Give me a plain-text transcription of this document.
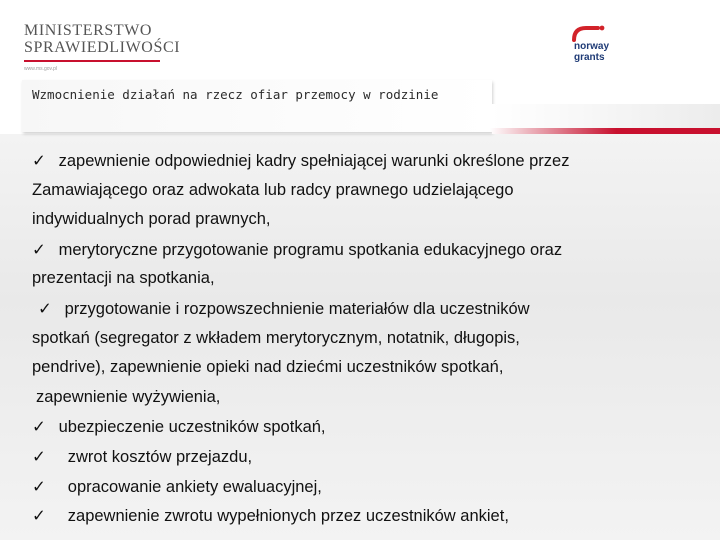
MINISTERSTWO
SPRAWIEDLIWOŚCI
www.ms.gov.pl
norway
grants
Wzmocnienie działań na rzecz ofiar przemocy w rodzinie
✓ zapewnienie odpowiedniej kadry spełniającej warunki określone przez
Zamawiającego oraz adwokata lub radcy prawnego udzielającego
indywidualnych porad prawnych,
✓ merytoryczne przygotowanie programu spotkania edukacyjnego oraz
prezentacji na spotkania,
✓ przygotowanie i rozpowszechnienie materiałów dla uczestników
spotkań (segregator z wkładem merytorycznym, notatnik, długopis,
pendrive), zapewnienie opieki nad dziećmi uczestników spotkań,
zapewnienie wyżywienia,
✓ ubezpieczenie uczestników spotkań,
✓ zwrot kosztów przejazdu,
✓ opracowanie ankiety ewaluacyjnej,
✓ zapewnienie zwrotu wypełnionych przez uczestników ankiet,
